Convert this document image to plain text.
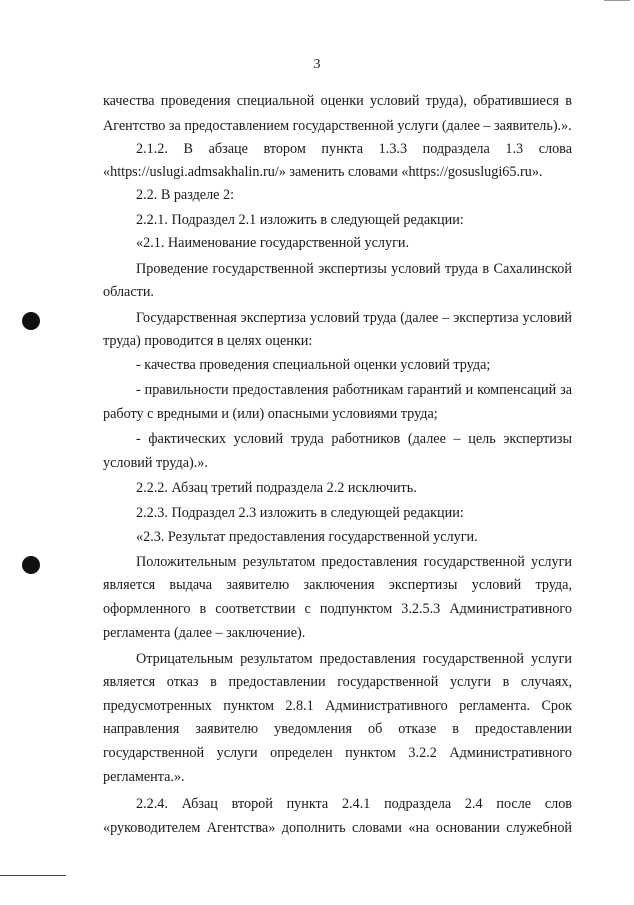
3
качества проведения специальной оценки условий труда), обратившиеся в
Агентство за предоставлением государственной услуги (далее – заявитель).».
2.1.2. В абзаце втором пункта 1.3.3 подраздела 1.3 слова
«https://uslugi.admsakhalin.ru/» заменить словами «https://gosuslugi65.ru».
2.2. В разделе 2:
2.2.1. Подраздел 2.1 изложить в следующей редакции:
«2.1. Наименование государственной услуги.
Проведение государственной экспертизы условий труда в Сахалинской
области.
Государственная экспертиза условий труда (далее – экспертиза условий
труда) проводится в целях оценки:
- качества проведения специальной оценки условий труда;
- правильности предоставления работникам гарантий и компенсаций за
работу с вредными и (или) опасными условиями труда;
- фактических условий труда работников (далее – цель экспертизы
условий труда).».
2.2.2. Абзац третий подраздела 2.2 исключить.
2.2.3. Подраздел 2.3 изложить в следующей редакции:
«2.3. Результат предоставления государственной услуги.
Положительным результатом предоставления государственной услуги
является выдача заявителю заключения экспертизы условий труда,
оформленного в соответствии с подпунктом 3.2.5.3 Административного
регламента (далее – заключение).
Отрицательным результатом предоставления государственной услуги
является отказ в предоставлении государственной услуги в случаях,
предусмотренных пунктом 2.8.1 Административного регламента. Срок
направления заявителю уведомления об отказе в предоставлении
государственной услуги определен пунктом 3.2.2 Административного
регламента.».
2.2.4. Абзац второй пункта 2.4.1 подраздела 2.4 после слов
«руководителем Агентства» дополнить словами «на основании служебной
